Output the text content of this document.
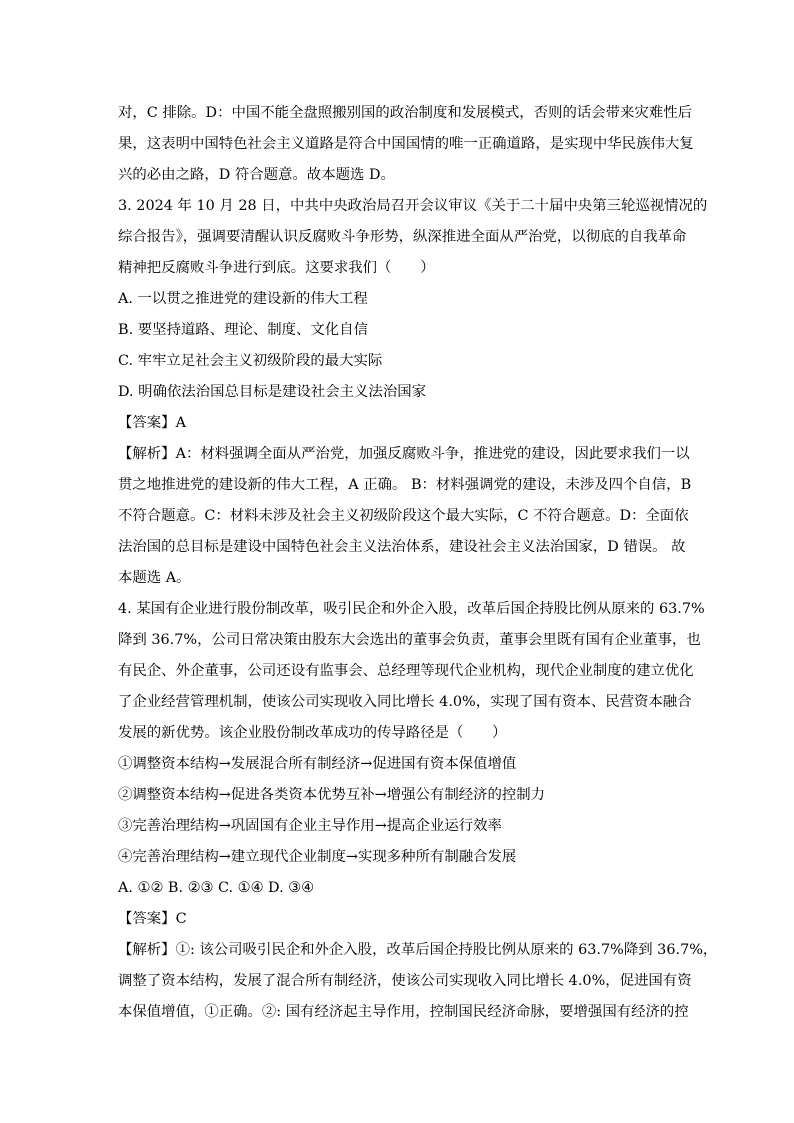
对，C 排除。D：中国不能全盘照搬别国的政治制度和发展模式，否则的话会带来灾难性后
果，这表明中国特色社会主义道路是符合中国国情的唯一正确道路，是实现中华民族伟大复
兴的必由之路，D 符合题意。故本题选 D。
3. 2024 年 10 月 28 日，中共中央政治局召开会议审议《关于二十届中央第三轮巡视情况的
综合报告》，强调要清醒认识反腐败斗争形势，纵深推进全面从严治党，以彻底的自我革命
精神把反腐败斗争进行到底。这要求我们（　　）
A. 一以贯之推进党的建设新的伟大工程
B. 要坚持道路、理论、制度、文化自信
C. 牢牢立足社会主义初级阶段的最大实际
D. 明确依法治国总目标是建设社会主义法治国家
【答案】A
【解析】A：材料强调全面从严治党，加强反腐败斗争，推进党的建设，因此要求我们一以
贯之地推进党的建设新的伟大工程，A 正确。 B：材料强调党的建设，未涉及四个自信，B
不符合题意。C：材料未涉及社会主义初级阶段这个最大实际，C 不符合题意。D：全面依
法治国的总目标是建设中国特色社会主义法治体系，建设社会主义法治国家，D 错误。 故
本题选 A。
4. 某国有企业进行股份制改革，吸引民企和外企入股，改革后国企持股比例从原来的 63.7%
降到 36.7%，公司日常决策由股东大会选出的董事会负责，董事会里既有国有企业董事，也
有民企、外企董事，公司还设有监事会、总经理等现代企业机构，现代企业制度的建立优化
了企业经营管理机制，使该公司实现收入同比增长 4.0%，实现了国有资本、民营资本融合
发展的新优势。该企业股份制改革成功的传导路径是（　　）
①调整资本结构→发展混合所有制经济→促进国有资本保值增值
②调整资本结构→促进各类资本优势互补→增强公有制经济的控制力
③完善治理结构→巩固国有企业主导作用→提高企业运行效率
④完善治理结构→建立现代企业制度→实现多种所有制融合发展
A. ①② B. ②③ C. ①④ D. ③④
【答案】C
【解析】①: 该公司吸引民企和外企入股，改革后国企持股比例从原来的 63.7%降到 36.7%，
调整了资本结构，发展了混合所有制经济，使该公司实现收入同比增长 4.0%，促进国有资
本保值增值，①正确。②: 国有经济起主导作用，控制国民经济命脉，要增强国有经济的控
